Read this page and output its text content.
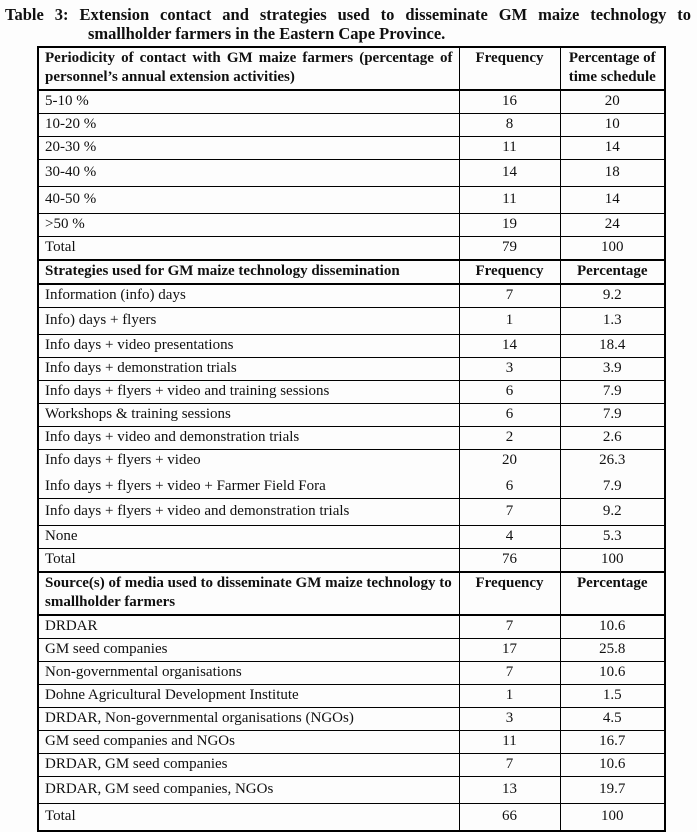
Table 3: Extension contact and strategies used to disseminate GM maize technology to
smallholder farmers in the Eastern Cape Province.
Periodicity of contact with GM maize farmers (percentage of personnel’s annual extension activities)	Frequency	Percentage of time schedule
5-10 %	16	20
10-20 %	8	10
20-30 %	11	14
30-40 %	14	18
40-50 %	11	14
>50 %	19	24
Total	79	100
Strategies used for GM maize technology dissemination	Frequency	Percentage
Information (info) days	7	9.2
Info) days + flyers	1	1.3
Info days + video presentations	14	18.4
Info days + demonstration trials	3	3.9
Info days + flyers + video and training sessions	6	7.9
Workshops & training sessions	6	7.9
Info days + video and demonstration trials	2	2.6
Info days + flyers + video	20	26.3
Info days + flyers + video + Farmer Field Fora	6	7.9
Info days + flyers + video and demonstration trials	7	9.2
None	4	5.3
Total	76	100
Source(s) of media used to disseminate GM maize technology to smallholder farmers	Frequency	Percentage
DRDAR	7	10.6
GM seed companies	17	25.8
Non-governmental organisations	7	10.6
Dohne Agricultural Development Institute	1	1.5
DRDAR, Non-governmental organisations (NGOs)	3	4.5
GM seed companies and NGOs	11	16.7
DRDAR, GM seed companies	7	10.6
DRDAR, GM seed companies, NGOs	13	19.7
Total	66	100
